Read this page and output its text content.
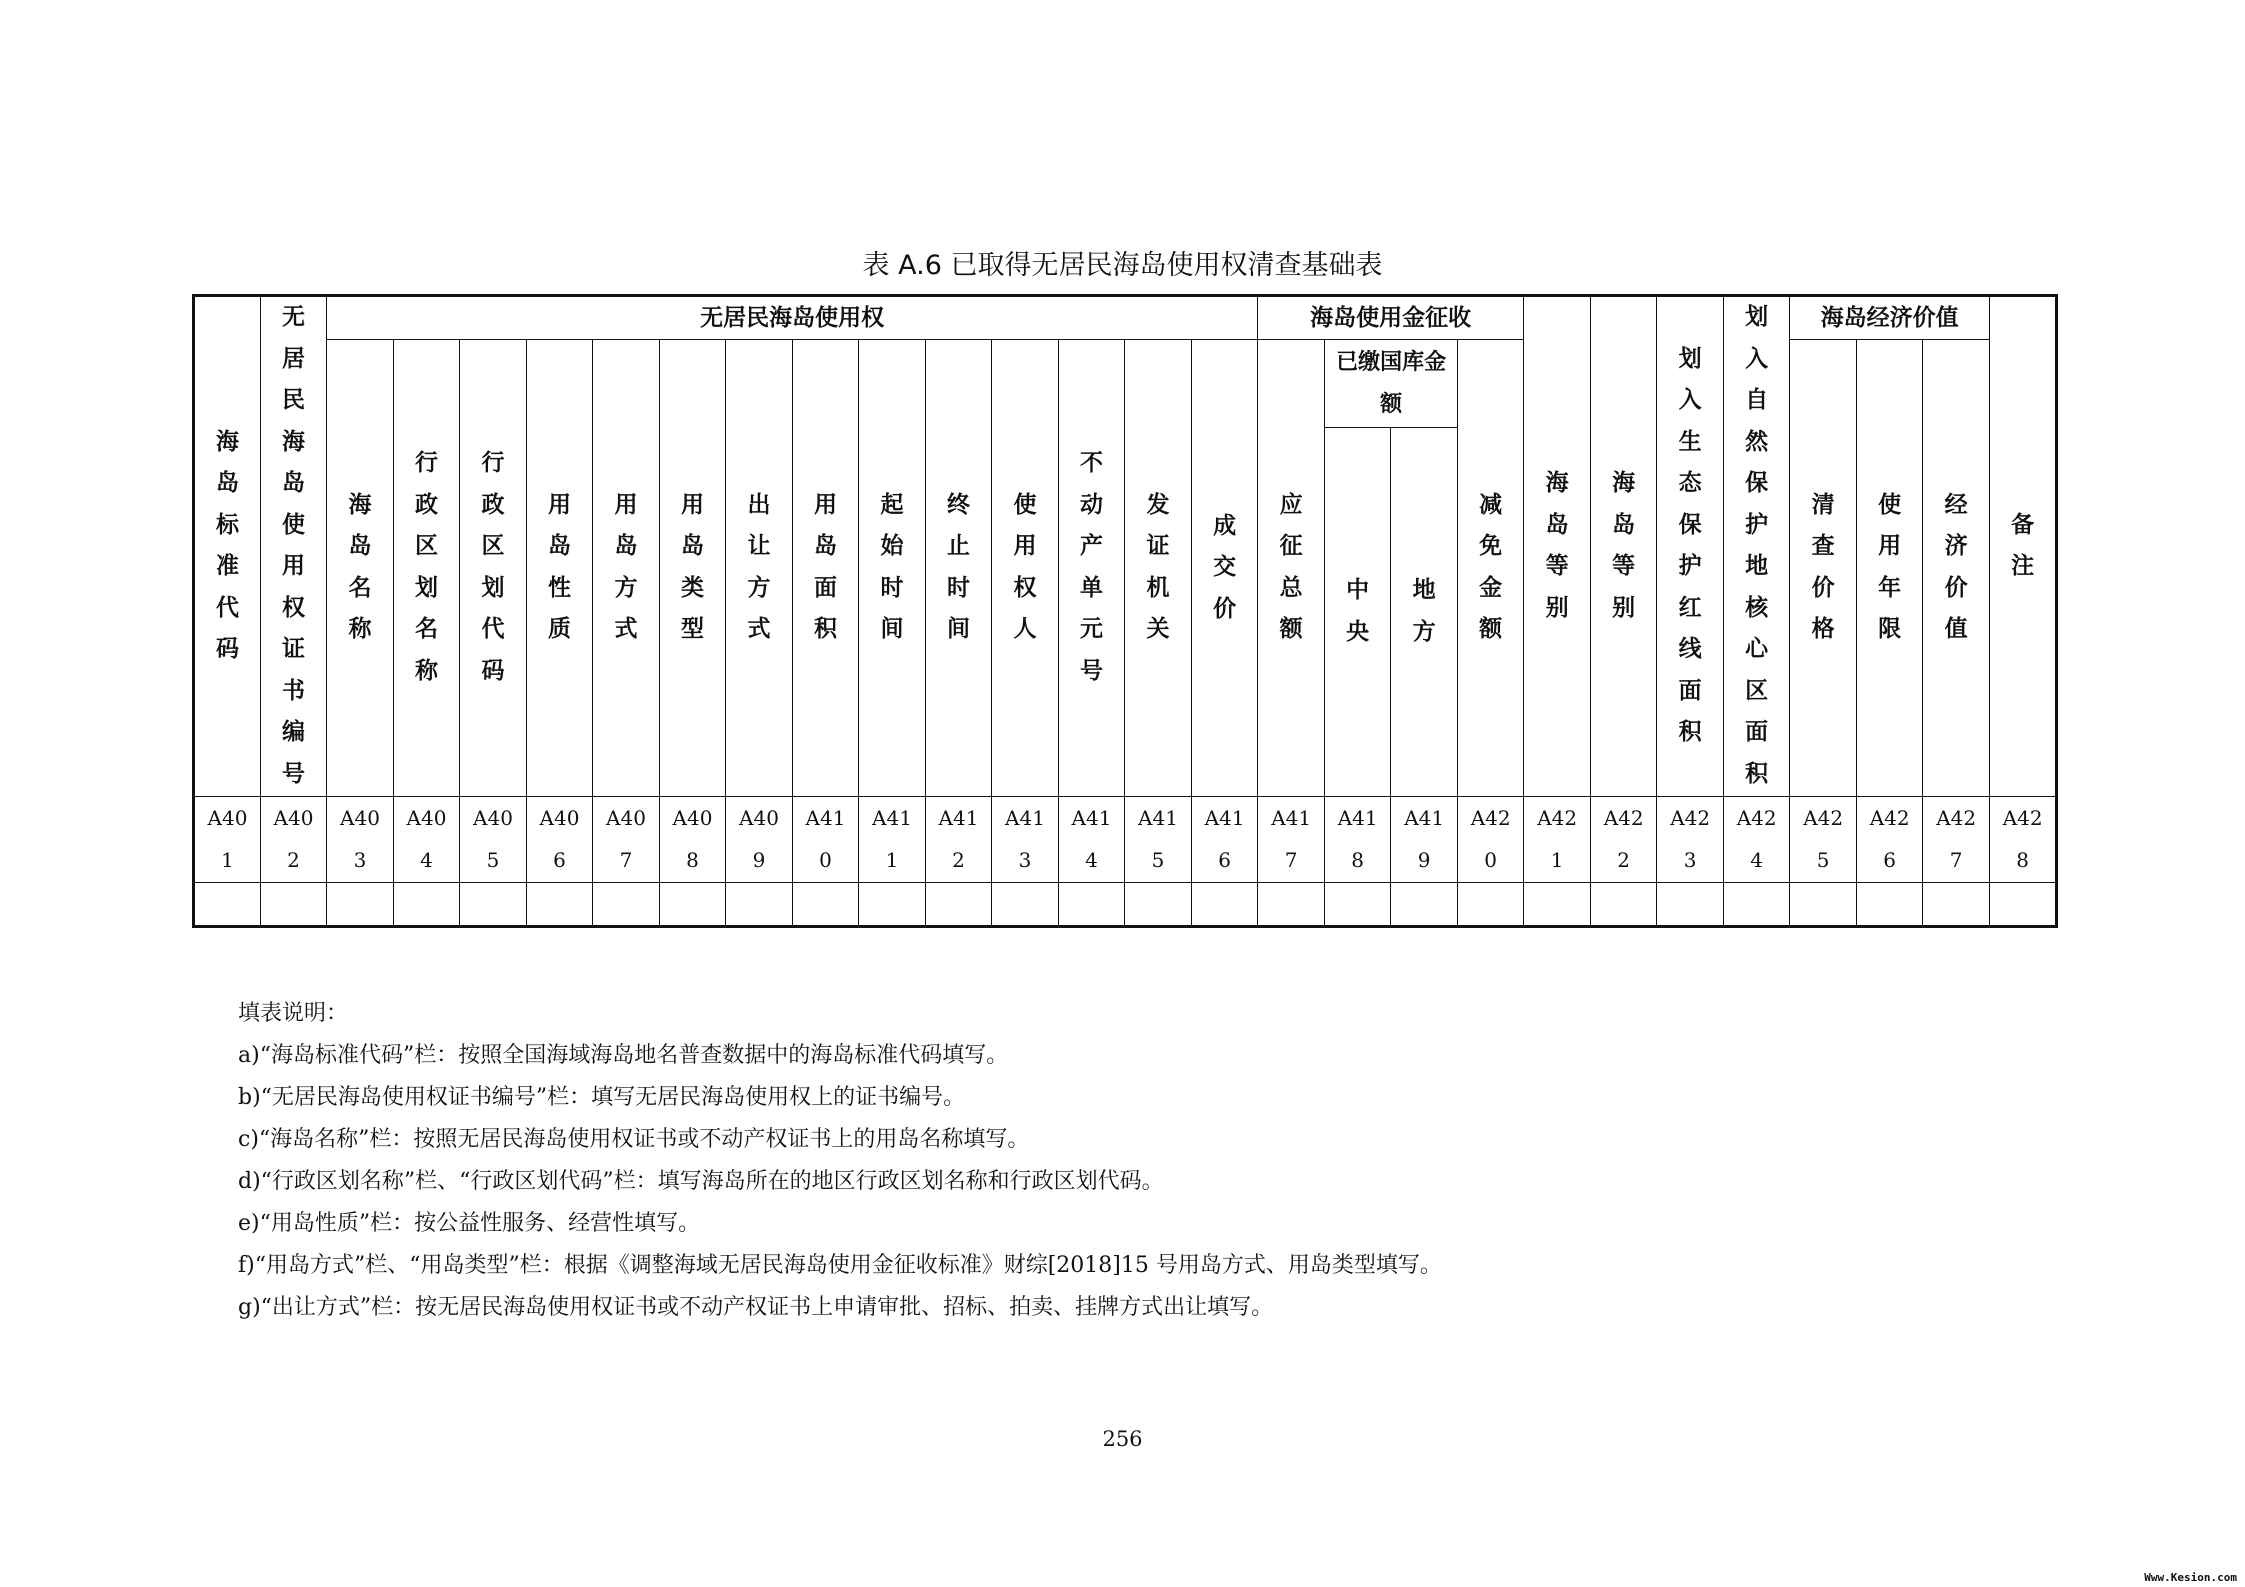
表 A.6 已取得无居民海岛使用权清查基础表
海岛标准代码	无居民海岛使用权证书编号	无居民海岛使用权														海岛使用金征收				海岛等别	海岛等别	划入生态保护红线面积	划入自然保护地核心区面积	海岛经济价值			备注
		海岛名称	行政区划名称	行政区划代码	用岛性质	用岛方式	用岛类型	出让方式	用岛面积	起始时间	终止时间	使用权人	不动产单元号	发证机关	成交价	应征总额	已缴国库金额		减免金额					清查价格	使用年限	经济价值	
																	中央	地方									
A401	A402	A403	A404	A405	A406	A407	A408	A409	A410	A411	A412	A413	A414	A415	A416	A417	A418	A419	A420	A421	A422	A423	A424	A425	A426	A427	A428

填表说明：
a)“海岛标准代码”栏：按照全国海域海岛地名普查数据中的海岛标准代码填写。
b)“无居民海岛使用权证书编号”栏：填写无居民海岛使用权上的证书编号。
c)“海岛名称”栏：按照无居民海岛使用权证书或不动产权证书上的用岛名称填写。
d)“行政区划名称”栏、“行政区划代码”栏：填写海岛所在的地区行政区划名称和行政区划代码。
e)“用岛性质”栏：按公益性服务、经营性填写。
f)“用岛方式”栏、“用岛类型”栏：根据《调整海域无居民海岛使用金征收标准》财综[2018]15 号用岛方式、用岛类型填写。
g)“出让方式”栏：按无居民海岛使用权证书或不动产权证书上申请审批、招标、拍卖、挂牌方式出让填写。
256
Www.Kesion.com
